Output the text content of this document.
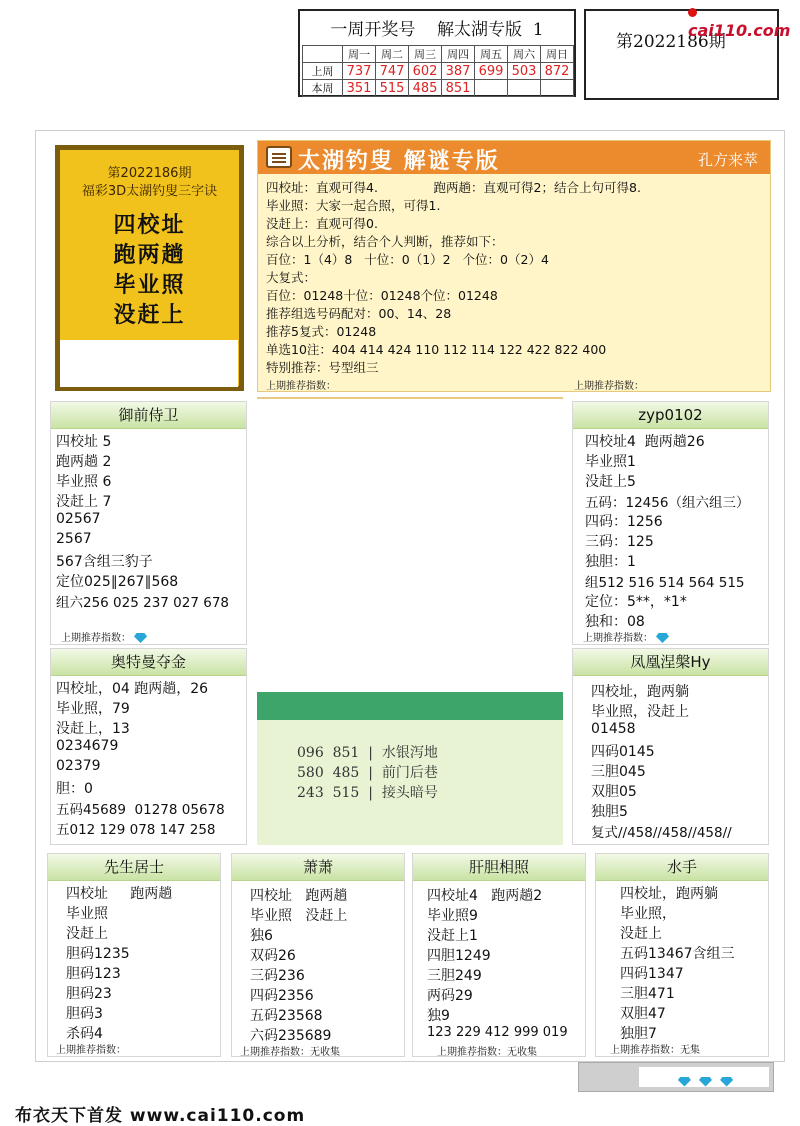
一周开奖号    解太湖专版  1
	周一	周二	周三	周四	周五	周六	周日
上周	737	747	602	387	699	503	872
本周	351	515	485	851			
第2022186期
cai110.com
第2022186期
福彩3D太湖钓叟三字诀
四校址
跑两趟
毕业照
没赶上
太湖钓叟 解谜专版	孔方来萃
四校址：直观可得4.              跑两趟：直观可得2；结合上句可得8.
毕业照：大家一起合照，可得1.
没赶上：直观可得0.
综合以上分析，结合个人判断，推荐如下：
百位：1（4）8   十位：0（1）2   个位：0（2）4
大复式：
百位：01248十位：01248个位：01248
推荐组选号码配对：00、14、28
推荐5复式：01248
单选10注：404 414 424 110 112 114 122 422 822 400
特别推荐：号型组三
上期推荐指数：	上期推荐指数：
御前侍卫
四校址 5
跑两趟 2
毕业照 6
没赶上 7
02567
2567
567含组三豹子
定位025∥267∥568
组六256 025 237 027 678
上期推荐指数：
zyp0102
四校址4  跑两趟26
毕业照1
没赶上5
五码：12456（组六组三）
四码：1256
三码：125
独胆：1
组512 516 514 564 515
定位：5**，*1*
独和：08
上期推荐指数：
奥特曼夺金
四校址，04 跑两趟，26
毕业照，79
没赶上，13
0234679
02379
胆：0
五码45689  01278 05678
五012 129 078 147 258
凤凰涅槃Hy
四校址，跑两躺
毕业照，没赶上
01458
四码0145
三胆045
双胆05
独胆5
复式//458//458//458//
096  851  |  水银泻地
580  485  |  前门后巷
243  515  |  接头暗号
先生居士
四校址     跑两趟
毕业照
没赶上
胆码1235
胆码123
胆码23
胆码3
杀码4
上期推荐指数：
萧萧
四校址   跑两趟
毕业照   没赶上
独6
双码26
三码236
四码2356
五码23568
六码235689
上期推荐指数：无收集
肝胆相照
四校址4   跑两趟2
毕业照9
没赶上1
四胆1249
三胆249
两码29
独9
123 229 412 999 019
上期推荐指数：无收集
水手
四校址，跑两躺
毕业照，
没赶上
五码13467含组三
四码1347
三胆471
双胆47
独胆7
上期推荐指数：无集

布衣天下首发 www.cai110.com
